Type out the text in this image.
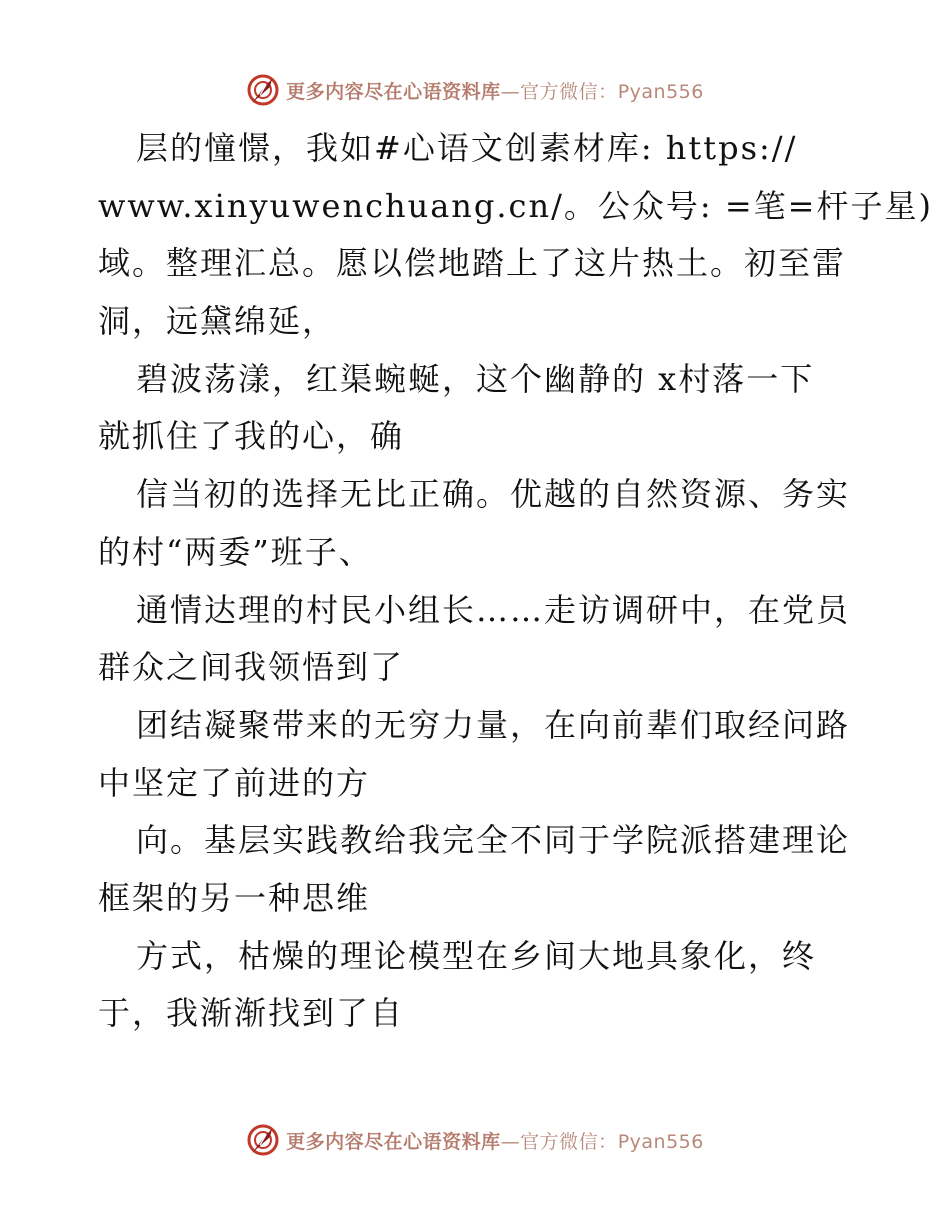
更多内容尽在心语资料库—官方微信：Pyan556
层的憧憬，我如#心语文创素材库: https://
www.xinyuwenchuang.cn/。公众号: =笔=杆子星)
域。整理汇总。愿以偿地踏上了这片热土。初至雷
洞，远黛绵延，
碧波荡漾，红渠蜿蜒，这个幽静的 x村落一下
就抓住了我的心，确
信当初的选择无比正确。优越的自然资源、务实
的村“两委”班子、
通情达理的村民小组长……走访调研中，在党员
群众之间我领悟到了
团结凝聚带来的无穷力量，在向前辈们取经问路
中坚定了前进的方
向。基层实践教给我完全不同于学院派搭建理论
框架的另一种思维
方式，枯燥的理论模型在乡间大地具象化，终
于，我渐渐找到了自
更多内容尽在心语资料库—官方微信：Pyan556
